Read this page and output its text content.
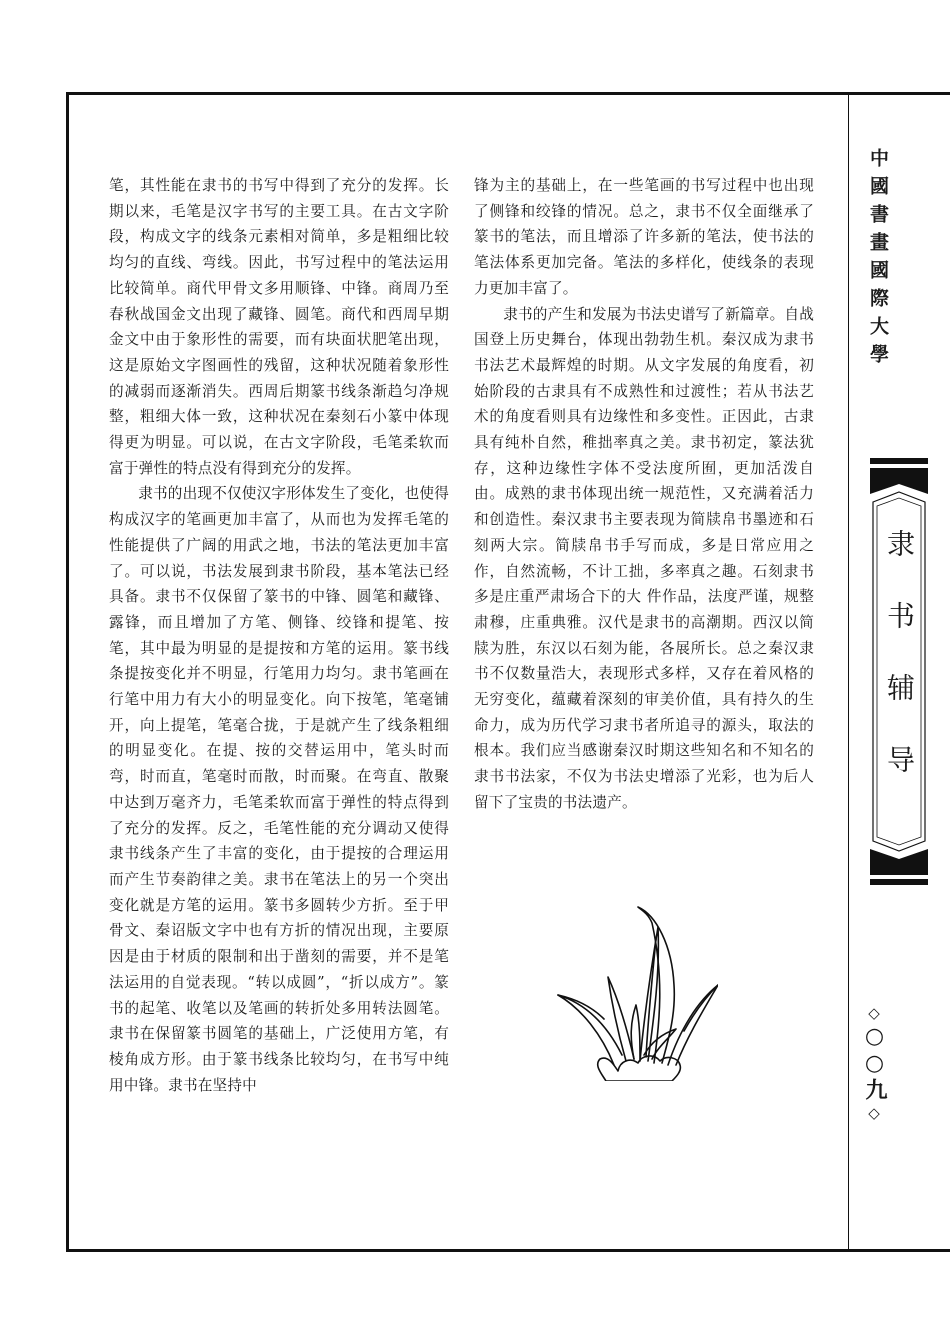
笔，其性能在隶书的书写中得到了充分的发挥。长期以来，毛笔是汉字书写的主要工具。在古文字阶段，构成文字的线条元素相对简单，多是粗细比较均匀的直线、弯线。因此，书写过程中的笔法运用比较简单。商代甲骨文多用顺锋、中锋。商周乃至春秋战国金文出现了藏锋、圆笔。商代和西周早期金文中由于象形性的需要，而有块面状肥笔出现，这是原始文字图画性的残留，这种状况随着象形性的减弱而逐渐消失。西周后期篆书线条渐趋匀净规整，粗细大体一致，这种状况在秦刻石小篆中体现得更为明显。可以说，在古文字阶段，毛笔柔软而富于弹性的特点没有得到充分的发挥。

隶书的出现不仅使汉字形体发生了变化，也使得构成汉字的笔画更加丰富了，从而也为发挥毛笔的性能提供了广阔的用武之地，书法的笔法更加丰富了。可以说，书法发展到隶书阶段，基本笔法已经具备。隶书不仅保留了篆书的中锋、圆笔和藏锋、露锋，而且增加了方笔、侧锋、绞锋和提笔、按笔，其中最为明显的是提按和方笔的运用。篆书线条提按变化并不明显，行笔用力均匀。隶书笔画在行笔中用力有大小的明显变化。向下按笔，笔毫铺开，向上提笔，笔毫合拢，于是就产生了线条粗细的明显变化。在提、按的交替运用中，笔头时而弯，时而直，笔毫时而散，时而聚。在弯直、散聚中达到万毫齐力，毛笔柔软而富于弹性的特点得到了充分的发挥。反之，毛笔性能的充分调动又使得隶书线条产生了丰富的变化，由于提按的合理运用而产生节奏韵律之美。隶书在笔法上的另一个突出变化就是方笔的运用。篆书多圆转少方折。至于甲骨文、秦诏版文字中也有方折的情况出现，主要原因是由于材质的限制和出于凿刻的需要，并不是笔法运用的自觉表现。“转以成圆”，“折以成方”。篆书的起笔、收笔以及笔画的转折处多用转法圆笔。隶书在保留篆书圆笔的基础上，广泛使用方笔，有棱角成方形。由于篆书线条比较均匀，在书写中纯用中锋。隶书在坚持中

锋为主的基础上，在一些笔画的书写过程中也出现了侧锋和绞锋的情况。总之，隶书不仅全面继承了篆书的笔法，而且增添了许多新的笔法，使书法的笔法体系更加完备。笔法的多样化，使线条的表现力更加丰富了。

隶书的产生和发展为书法史谱写了新篇章。自战国登上历史舞台，体现出勃勃生机。秦汉成为隶书书法艺术最辉煌的时期。从文字发展的角度看，初始阶段的古隶具有不成熟性和过渡性；若从书法艺术的角度看则具有边缘性和多变性。正因此，古隶具有纯朴自然，稚拙率真之美。隶书初定，篆法犹存，这种边缘性字体不受法度所囿，更加活泼自由。成熟的隶书体现出统一规范性，又充满着活力和创造性。秦汉隶书主要表现为简牍帛书墨迹和石刻两大宗。简牍帛书手写而成，多是日常应用之作，自然流畅，不计工拙，多率真之趣。石刻隶书多是庄重严肃场合下的大 件作品，法度严谨，规整肃穆，庄重典雅。汉代是隶书的高潮期。西汉以简牍为胜，东汉以石刻为能，各展所长。总之秦汉隶书不仅数量浩大，表现形式多样，又存在着风格的无穷变化，蕴藏着深刻的审美价值，具有持久的生命力，成为历代学习隶书者所追寻的源头，取法的根本。我们应当感谢秦汉时期这些知名和不知名的隶书书法家，不仅为书法史增添了光彩，也为后人留下了宝贵的书法遗产。

中國書畫國際大學
隶书辅导
◇
○○九
◇
